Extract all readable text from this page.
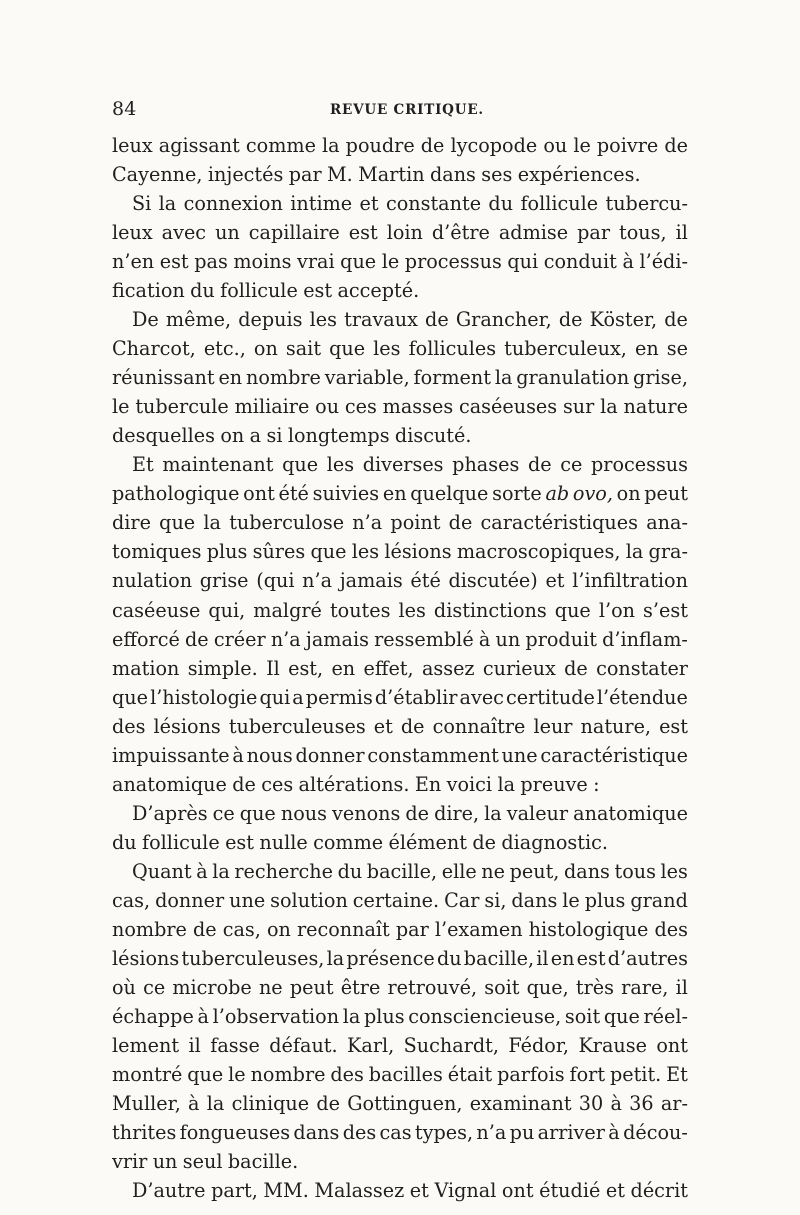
84	REVUE CRITIQUE.
leux agissant comme la poudre de lycopode ou le poivre de
Cayenne, injectés par M. Martin dans ses expériences.
Si la connexion intime et constante du follicule tubercu-
leux avec un capillaire est loin d’être admise par tous, il
n’en est pas moins vrai que le processus qui conduit à l’édi-
fication du follicule est accepté.
De même, depuis les travaux de Grancher, de Köster, de
Charcot, etc., on sait que les follicules tuberculeux, en se
réunissant en nombre variable, forment la granulation grise,
le tubercule miliaire ou ces masses caséeuses sur la nature
desquelles on a si longtemps discuté.
Et maintenant que les diverses phases de ce processus
pathologique ont été suivies en quelque sorte ab ovo, on peut
dire que la tuberculose n’a point de caractéristiques ana-
tomiques plus sûres que les lésions macroscopiques, la gra-
nulation grise (qui n’a jamais été discutée) et l’infiltration
caséeuse qui, malgré toutes les distinctions que l’on s’est
efforcé de créer n’a jamais ressemblé à un produit d’inflam-
mation simple. Il est, en effet, assez curieux de constater
que l’histologie qui a permis d’établir avec certitude l’étendue
des lésions tuberculeuses et de connaître leur nature, est
impuissante à nous donner constamment une caractéristique
anatomique de ces altérations. En voici la preuve :
D’après ce que nous venons de dire, la valeur anatomique
du follicule est nulle comme élément de diagnostic.
Quant à la recherche du bacille, elle ne peut, dans tous les
cas, donner une solution certaine. Car si, dans le plus grand
nombre de cas, on reconnaît par l’examen histologique des
lésions tuberculeuses, la présence du bacille, il en est d’autres
où ce microbe ne peut être retrouvé, soit que, très rare, il
échappe à l’observation la plus consciencieuse, soit que réel-
lement il fasse défaut. Karl, Suchardt, Fédor, Krause ont
montré que le nombre des bacilles était parfois fort petit. Et
Muller, à la clinique de Gottinguen, examinant 30 à 36 ar-
thrites fongueuses dans des cas types, n’a pu arriver à décou-
vrir un seul bacille.
D’autre part, MM. Malassez et Vignal ont étudié et décrit
